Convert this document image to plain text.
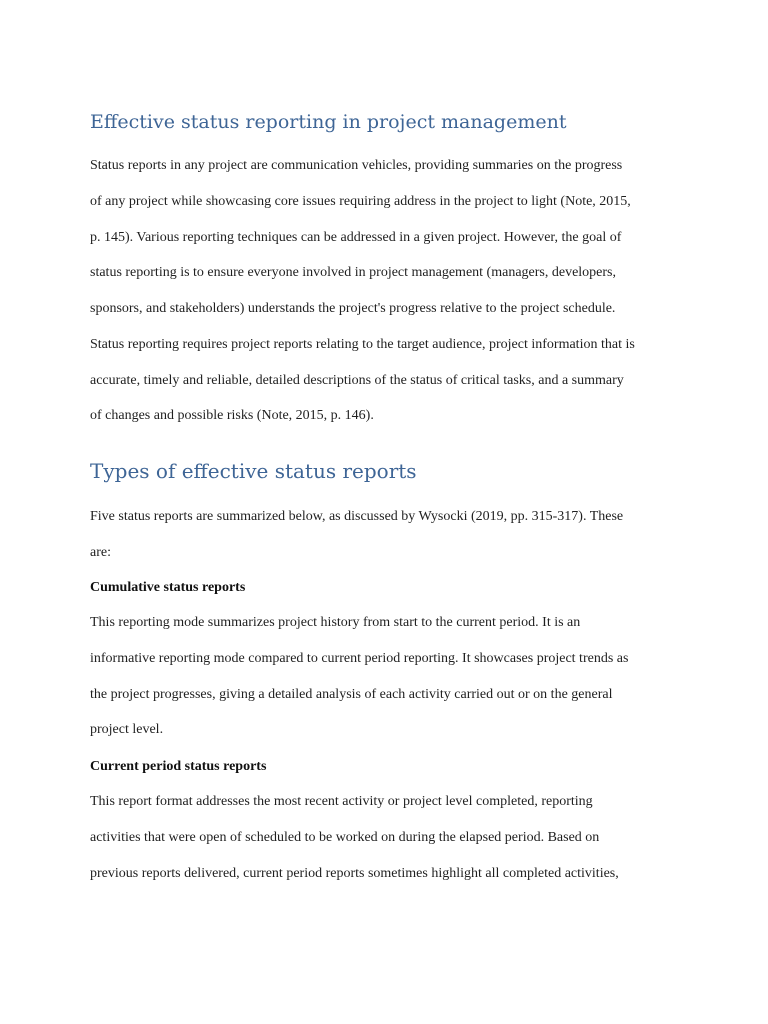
Effective status reporting in project management
Status reports in any project are communication vehicles, providing summaries on the progress
of any project while showcasing core issues requiring address in the project to light (Note, 2015,
p. 145). Various reporting techniques can be addressed in a given project. However, the goal of
status reporting is to ensure everyone involved in project management (managers, developers,
sponsors, and stakeholders) understands the project's progress relative to the project schedule.
Status reporting requires project reports relating to the target audience, project information that is
accurate, timely and reliable, detailed descriptions of the status of critical tasks, and a summary
of changes and possible risks (Note, 2015, p. 146).
Types of effective status reports
Five status reports are summarized below, as discussed by Wysocki (2019, pp. 315-317). These
are:
Cumulative status reports
This reporting mode summarizes project history from start to the current period. It is an
informative reporting mode compared to current period reporting. It showcases project trends as
the project progresses, giving a detailed analysis of each activity carried out or on the general
project level.
Current period status reports
This report format addresses the most recent activity or project level completed, reporting
activities that were open of scheduled to be worked on during the elapsed period. Based on
previous reports delivered, current period reports sometimes highlight all completed activities,
